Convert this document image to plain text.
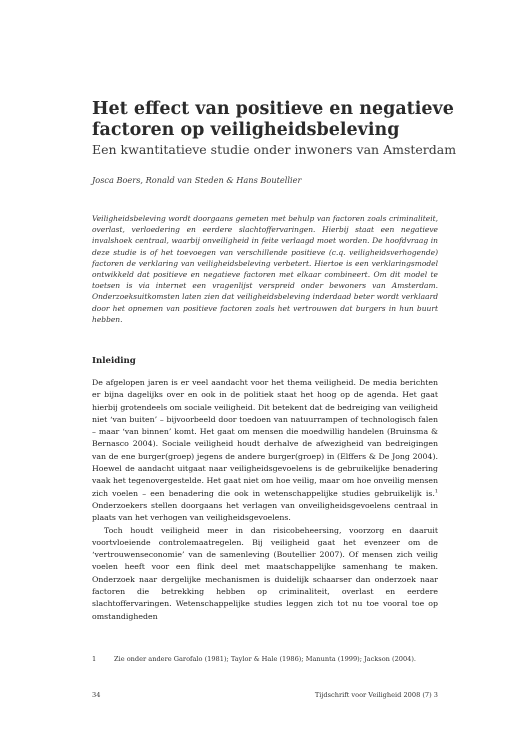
Het effect van positieve en negatieve factoren op veiligheidsbeleving
Een kwantitatieve studie onder inwoners van Amsterdam
Josca Boers, Ronald van Steden & Hans Boutellier
Veiligheidsbeleving wordt doorgaans gemeten met behulp van factoren zoals criminaliteit, overlast, verloedering en eerdere slachtoffervaringen. Hierbij staat een negatieve invalshoek centraal, waarbij onveiligheid in feite verlaagd moet worden. De hoofdvraag in deze studie is of het toevoegen van verschillende positieve (c.q. veiligheidsverhogende) factoren de verklaring van veiligheidsbeleving verbetert. Hiertoe is een verklaringsmodel ontwikkeld dat positieve en negatieve factoren met elkaar combineert. Om dit model te toetsen is via internet een vragenlijst verspreid onder bewoners van Amsterdam. Onderzoeksuitkomsten laten zien dat veiligheidsbeleving inderdaad beter wordt verklaard door het opnemen van positieve factoren zoals het vertrouwen dat burgers in hun buurt hebben.
Inleiding

De afgelopen jaren is er veel aandacht voor het thema veiligheid. De media berichten er bijna dagelijks over en ook in de politiek staat het hoog op de agenda. Het gaat hierbij grotendeels om sociale veiligheid. Dit betekent dat de bedreiging van veiligheid niet ‘van buiten’ – bijvoorbeeld door toedoen van natuurrampen of technologisch falen – maar ‘van binnen’ komt. Het gaat om mensen die moedwillig handelen (Bruinsma & Bernasco 2004). Sociale veiligheid houdt derhalve de afwezigheid van bedreigingen van de ene burger(groep) jegens de andere burger(groep) in (Elffers & De Jong 2004). Hoewel de aandacht uitgaat naar veiligheidsgevoelens is de gebruikelijke benadering vaak het tegenovergestelde. Het gaat niet om hoe veilig, maar om hoe onveilig mensen zich voelen – een benadering die ook in wetenschappelijke studies gebruikelijk is.$^1$ Onderzoekers stellen doorgaans het verlagen van onveiligheidsgevoelens centraal in plaats van het verhogen van veiligheidsgevoelens.

Toch houdt veiligheid meer in dan risicobeheersing, voorzorg en daaruit voortvloeiende controlemaatregelen. Bij veiligheid gaat het evenzeer om de ‘vertrouwenseconomie’ van de samenleving (Boutellier 2007). Of mensen zich veilig voelen heeft voor een flink deel met maatschappelijke samenhang te maken. Onderzoek naar dergelijke mechanismen is duidelijk schaarser dan onderzoek naar factoren die betrekking hebben op criminaliteit, overlast en eerdere slachtoffervaringen. Wetenschappelijke studies leggen zich tot nu toe vooral toe op omstandigheden

1	Zie onder andere Garofalo (1981); Taylor & Hale (1986); Manunta (1999); Jackson (2004).
34	Tijdschrift voor Veiligheid 2008 (7) 3
